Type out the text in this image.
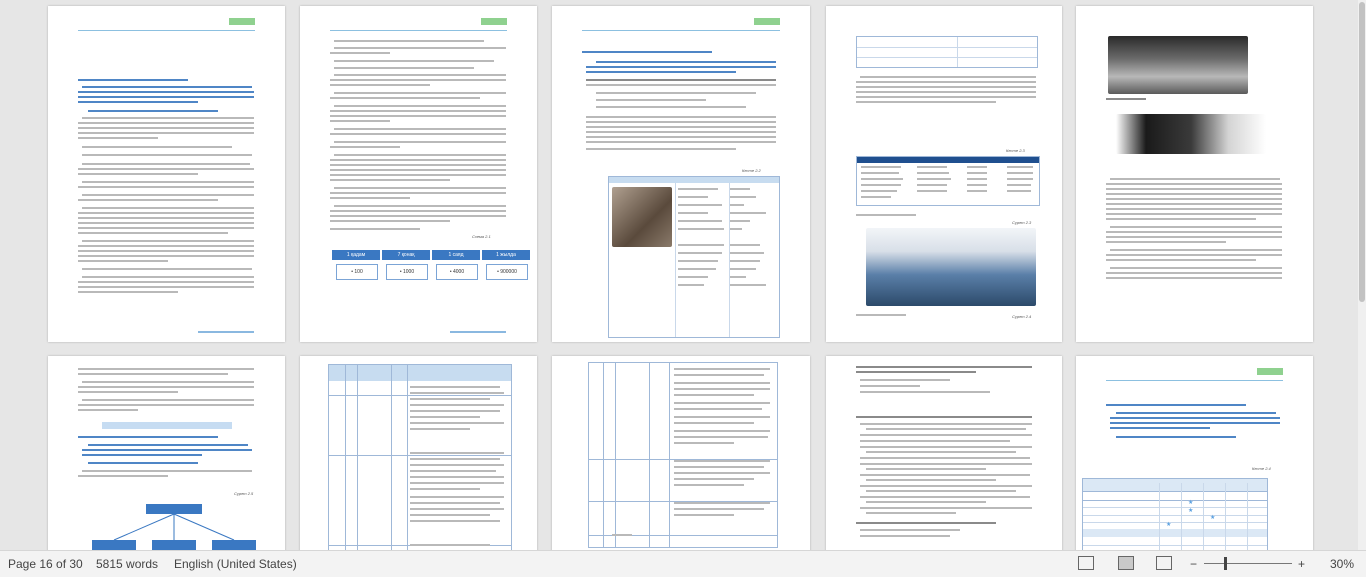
Схема 2.1
1 қадам
• 100
7 қонақ
• 1000
1 саяд
• 4000
1 жылда
• 900000
Кесте 2.2
Кесте 2.3
Сурет 2.3
Сурет 2.4
Сурет 2.5
Кесте 2.4
★
★
★
★
Page 16 of 30 5815 words English (United States)	−	+ 30%
